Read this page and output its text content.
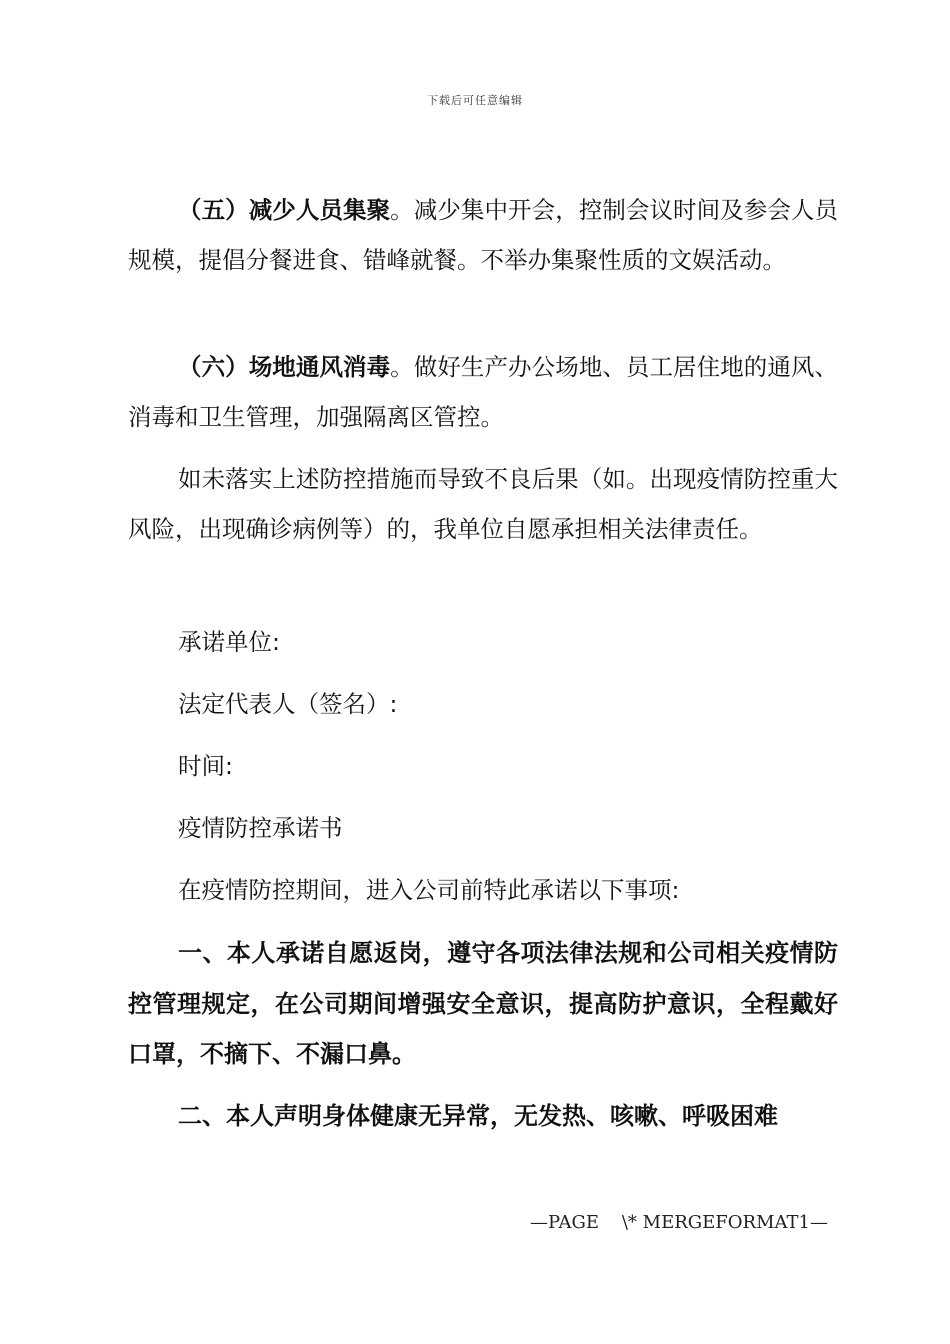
下载后可任意编辑

（五）减少人员集聚。减少集中开会，控制会议时间及参会人员规模，提倡分餐进食、错峰就餐。不举办集聚性质的文娱活动。

（六）场地通风消毒。做好生产办公场地、员工居住地的通风、消毒和卫生管理，加强隔离区管控。

如未落实上述防控措施而导致不良后果（如。出现疫情防控重大风险，出现确诊病例等）的，我单位自愿承担相关法律责任。

承诺单位:

法定代表人（签名）:

时间:

疫情防控承诺书

在疫情防控期间，进入公司前特此承诺以下事项:

一、本人承诺自愿返岗，遵守各项法律法规和公司相关疫情防控管理规定，在公司期间增强安全意识，提高防护意识，全程戴好口罩，不摘下、不漏口鼻。

二、本人声明身体健康无异常，无发热、咳嗽、呼吸困难

—PAGE    \* MERGEFORMAT1—
